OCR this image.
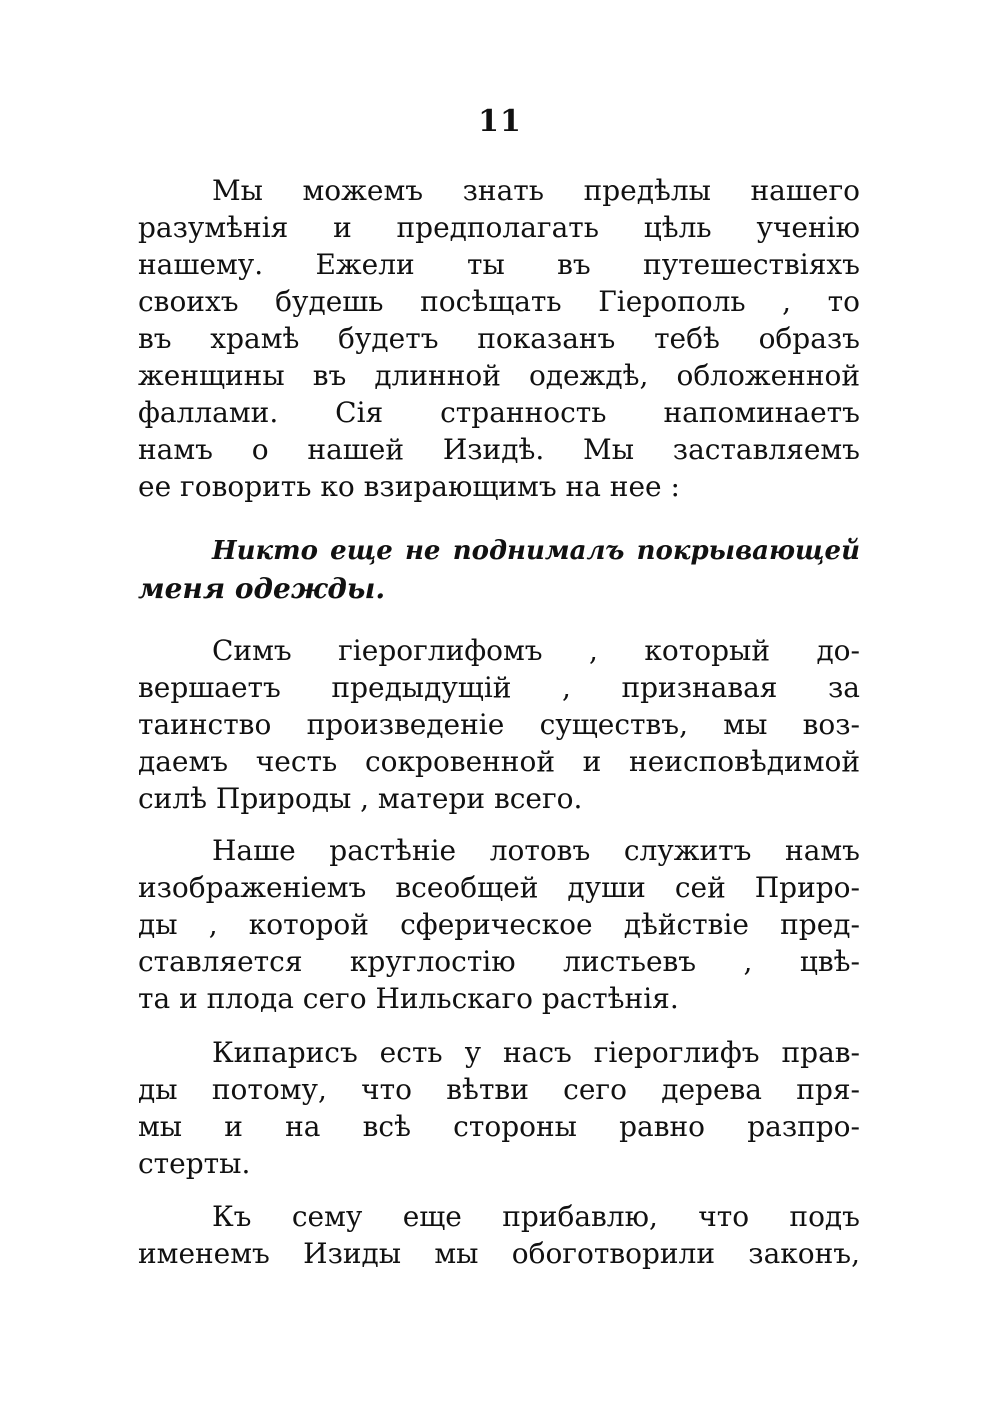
11
Мы можемъ знать предѣлы нашего
разумѣнія и предполагать цѣль ученію
нашему. Ежели ты въ путешествіяхъ
своихъ будешь посѣщать Гіерополь , то
въ храмѣ будетъ показанъ тебѣ образъ
женщины въ длинной одеждѣ, обложенной
фаллами. Сія странность напоминаетъ
намъ о нашей Изидѣ. Мы заставляемъ
ее говорить ко взирающимъ на нее :
Никто еще не поднималъ покрывающей
меня одежды.
Симъ гіероглифомъ , который до-
вершаетъ предыдущій , признавая за
таинство произведеніе существъ, мы воз-
даемъ честь сокровенной и неисповѣдимой
силѣ Природы , матери всего.
Наше растѣніе лотовъ служитъ намъ
изображеніемъ всеобщей души сей Приро-
ды , которой сферическое дѣйствіе пред-
ставляется круглостію листьевъ , цвѣ-
та и плода сего Нильскаго растѣнія.
Кипарисъ есть у насъ гіероглифъ прав-
ды потому, что вѣтви сего дерева пря-
мы и на всѣ стороны равно разпро-
стерты.
Къ сему еще прибавлю, что подъ
именемъ Изиды мы обоготворили законъ,
